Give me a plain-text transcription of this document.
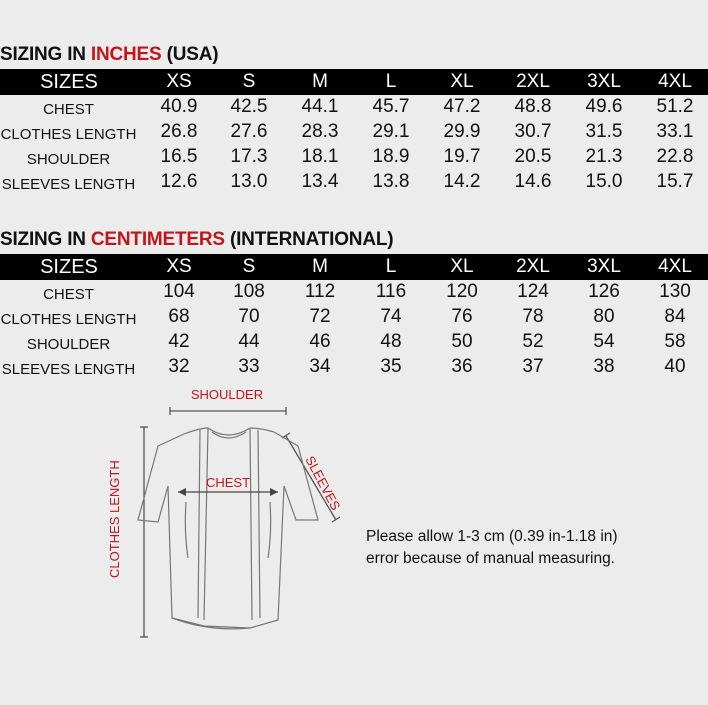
SIZING IN INCHES (USA)
SIZES	XS	S	M	L	XL	2XL	3XL	4XL
CHEST	40.9	42.5	44.1	45.7	47.2	48.8	49.6	51.2
CLOTHES LENGTH	26.8	27.6	28.3	29.1	29.9	30.7	31.5	33.1
SHOULDER	16.5	17.3	18.1	18.9	19.7	20.5	21.3	22.8
SLEEVES LENGTH	12.6	13.0	13.4	13.8	14.2	14.6	15.0	15.7
SIZING IN CENTIMETERS (INTERNATIONAL)
SIZES	XS	S	M	L	XL	2XL	3XL	4XL
CHEST	104	108	112	116	120	124	126	130
CLOTHES LENGTH	68	70	72	74	76	78	80	84
SHOULDER	42	44	46	48	50	52	54	58
SLEEVES LENGTH	32	33	34	35	36	37	38	40
SHOULDER
SLEEVES
CLOTHES LENGTH	CHEST
Please allow 1-3 cm (0.39 in-1.18 in)
error because of manual measuring.
